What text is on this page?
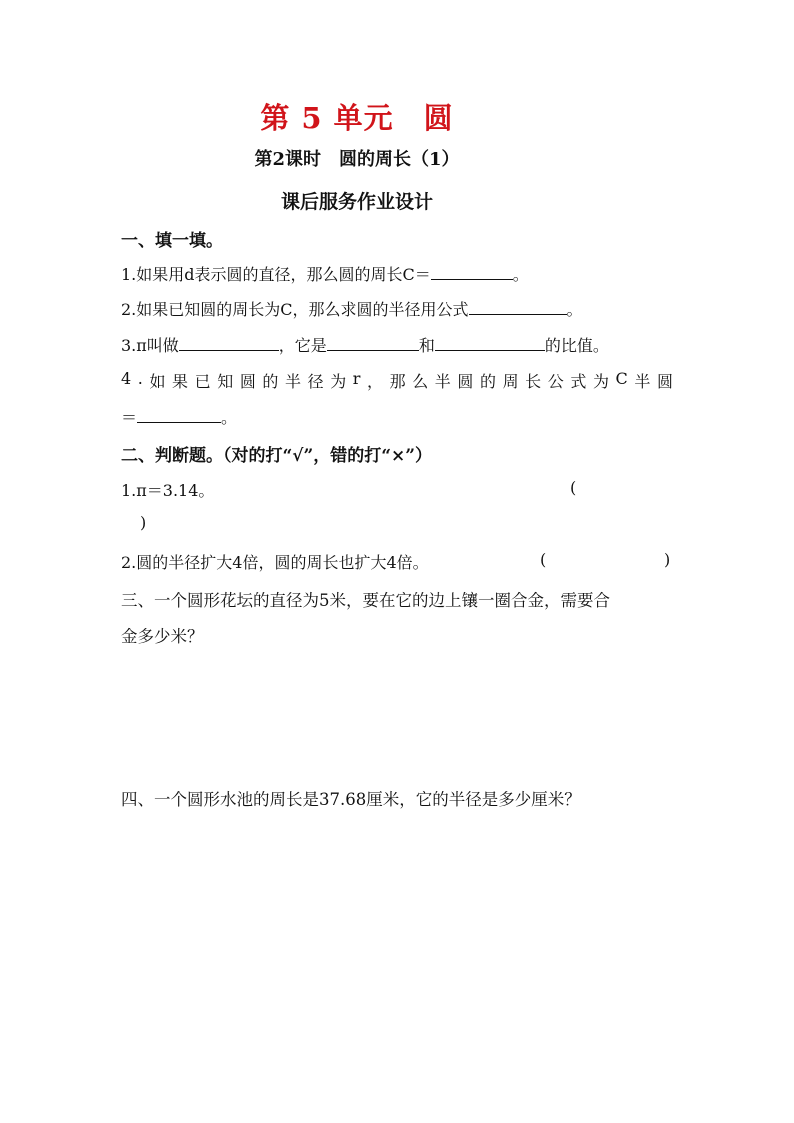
第 5 单元　圆
第2课时　圆的周长（1）
课后服务作业设计
一、填一填。
1.如果用d表示圆的直径，那么圆的周长C＝	。
2.如果已知圆的周长为C，那么求圆的半径用公式	。
3.π叫做	，它是	和	的比值。
4 . 如 果 已 知 圆 的 半 径 为 r ， 那 么 半 圆 的 周 长 公 式 为 C 半 圆
＝	。
二、判断题。（对的打“√”，错的打“×”）
1.π＝3.14。	(
)
2.圆的半径扩大4倍，圆的周长也扩大4倍。	(	)
三、一个圆形花坛的直径为5米，要在它的边上镶一圈合金，需要合
金多少米？
四、一个圆形水池的周长是37.68厘米，它的半径是多少厘米？
